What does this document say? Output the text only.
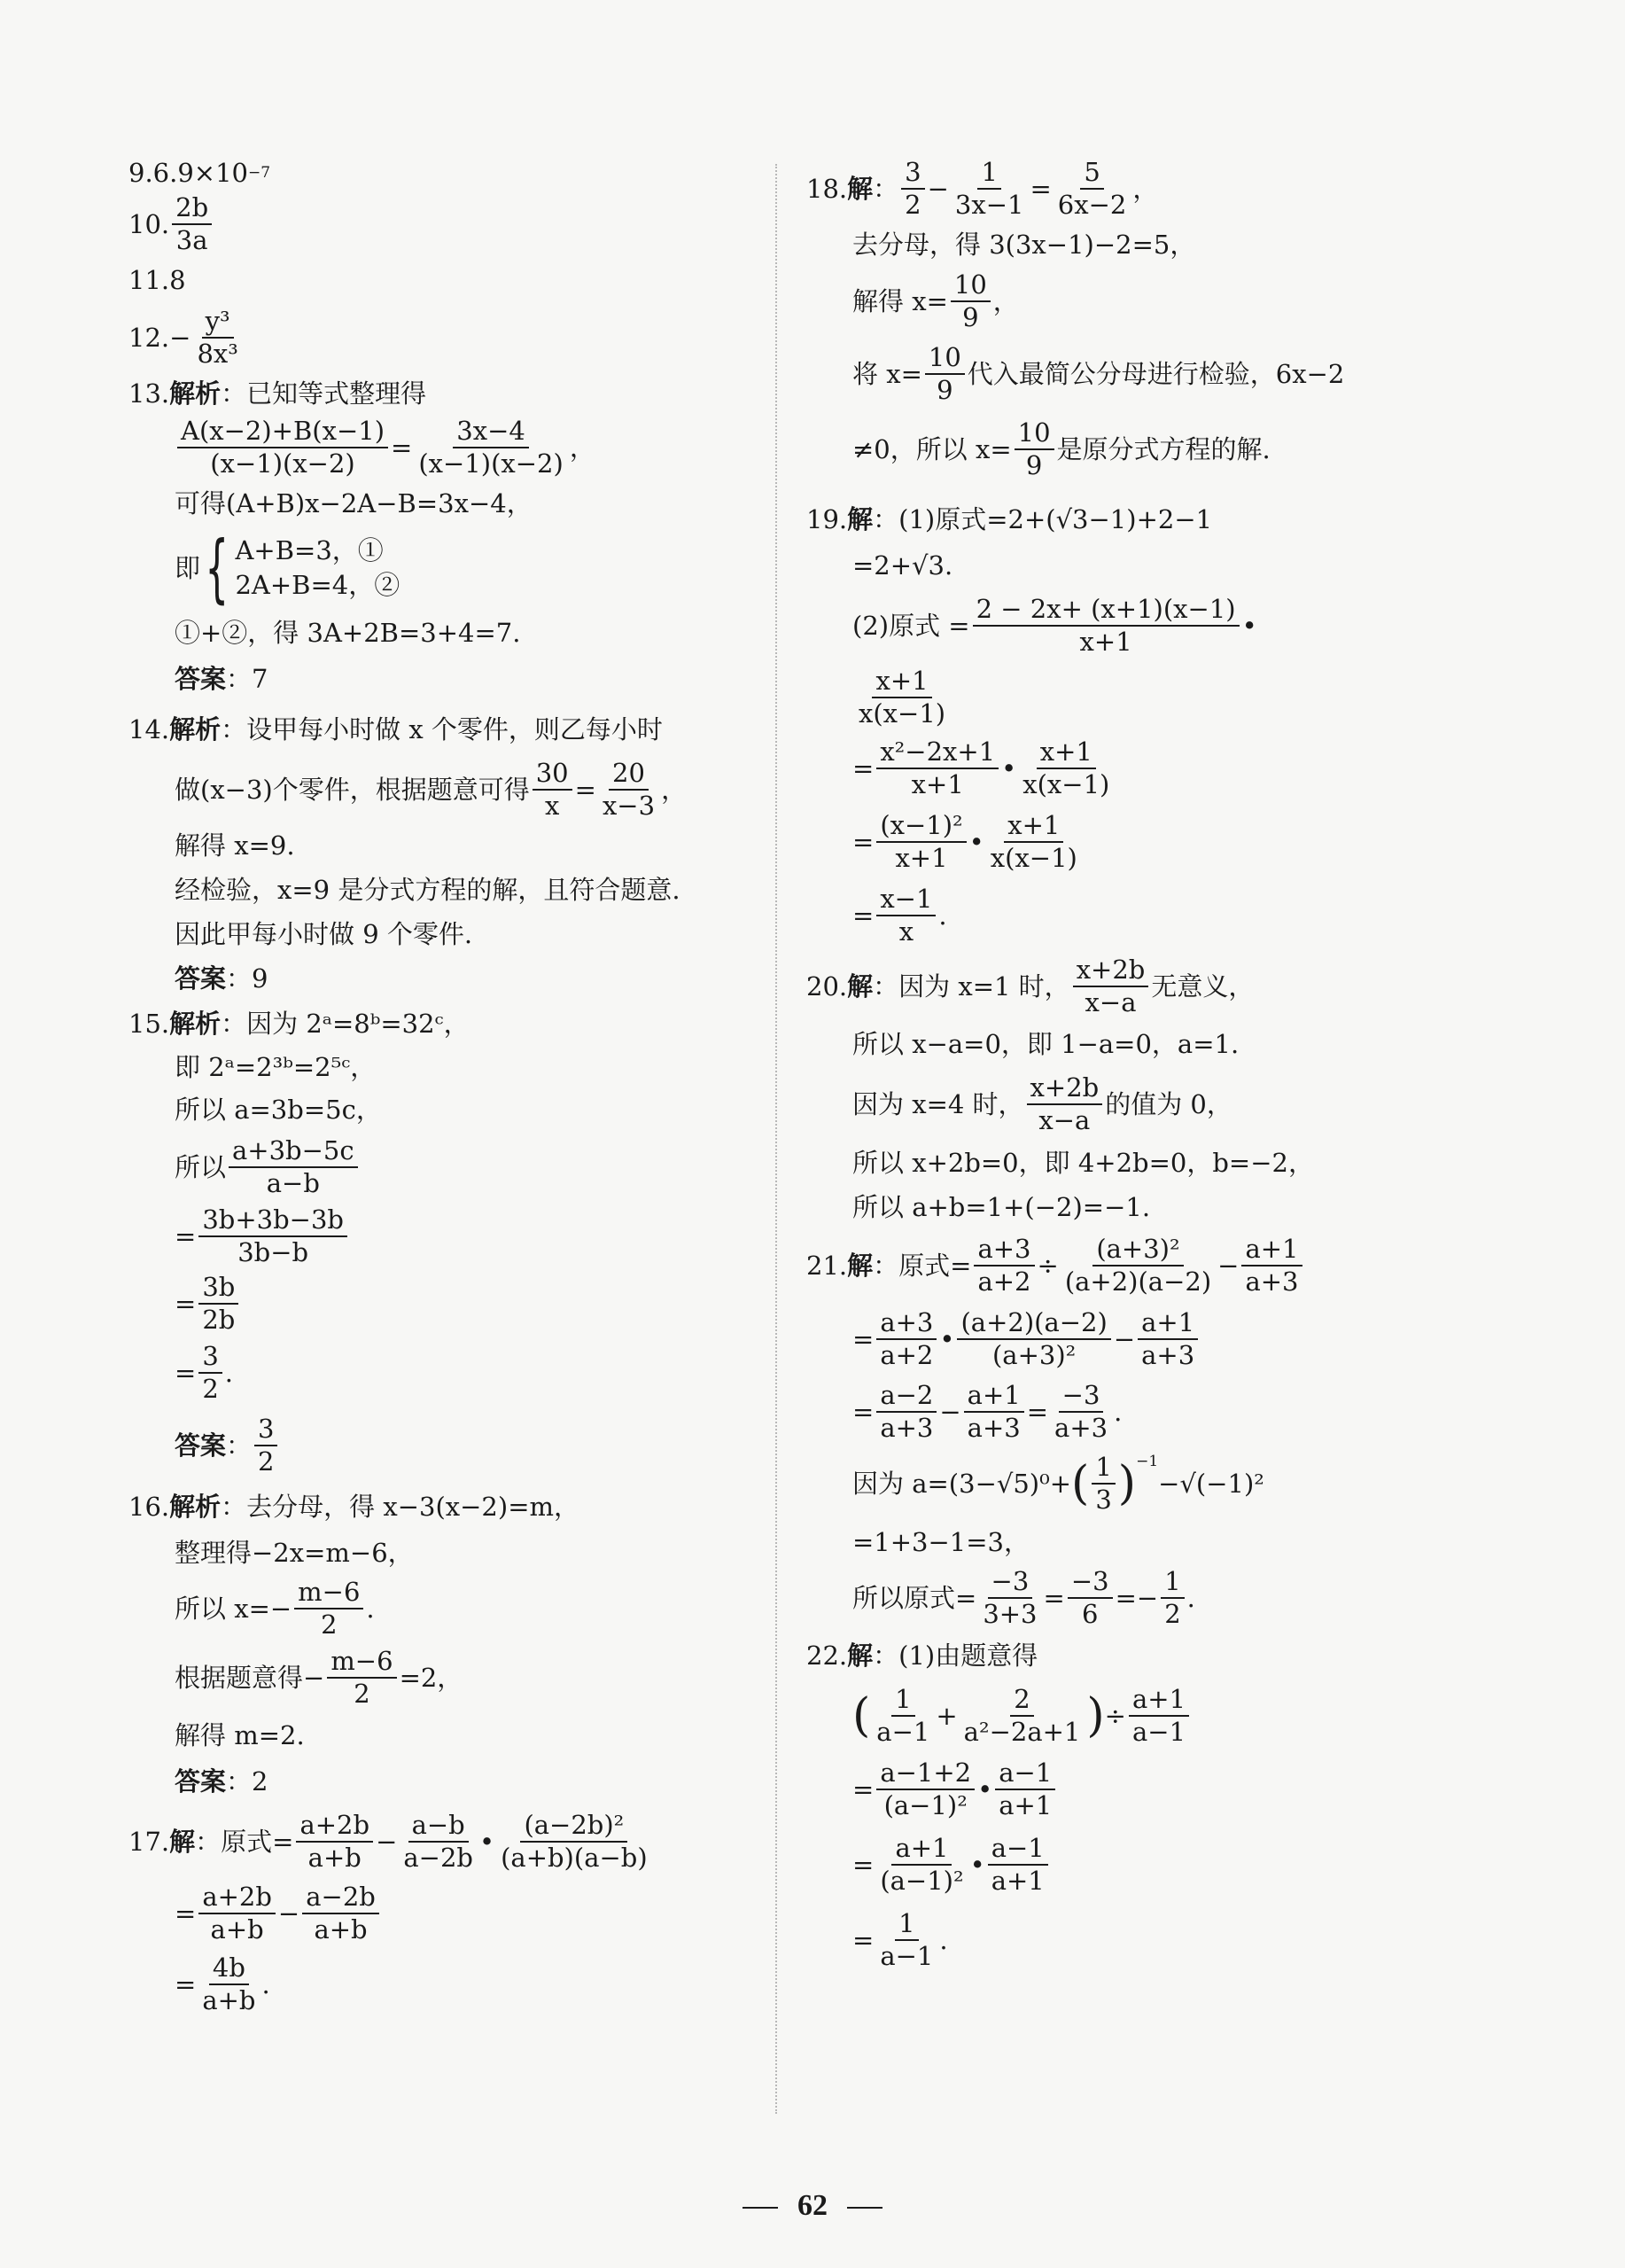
9. 6.9×10 −7
10. $\frac{2b}{3a}$
11. 8
12. − $\frac{\text{y³}}{\text{8x³}}$
13. 解析 ：已知等式整理得
$\frac{A(x-2)+B(x-1)}{(x-1)(x-2)} = \frac{3x-4}{(x-1)(x-2)}$ ，
可得(A+B)x−2A−B=3x−4，
即 { A+B=3，①
2A+B=4，②
①+②，得 3A+2B=3+4=7.
答案 ：7
14. 解析 ：设甲每小时做 x 个零件，则乙每小时
做(x−3)个零件，根据题意可得 $\frac{30}{x} = \frac{20}{x-3}$ ，
解得 x=9.
经检验，x=9 是分式方程的解，且符合题意.
因此甲每小时做 9 个零件.
答案 ：9
15. 解析 ：因为 2ᵃ=8ᵇ=32ᶜ，
即 2ᵃ=2³ᵇ=2⁵ᶜ，
所以 a=3b=5c，
所以 $\frac{a+3b-5c}{a-b}$
= $\frac{3b+3b-3b}{3b-b}$
= $\frac{3b}{2b}$
= $\frac{3}{2}$ .
答案 ： $\frac{3}{2}$
16. 解析 ：去分母，得 x−3(x−2)=m，
整理得−2x=m−6，
所以 $x=- \frac{m-6}{2}$ .
根据题意得− $\frac{m-6}{2} =2$，
解得 m=2.
答案 ：2
17. 解 ：原式= $\frac{a+2b}{a+b} - \frac{a-b}{a-2b}$ • $\frac{\text{(a−2b)²}}{(a+b)(a-b)}$
= $\frac{a+2b}{a+b} - \frac{a-2b}{a+b}$
= $\frac{4b}{a+b}$ .
18. 解 ： $\frac{3}{2} - \frac{1}{3x-1} = \frac{5}{6x-2}$ ，
去分母，得 3(3x−1)−2=5，
解得 $x= \frac{10}{9}$ ，
将 $x= \frac{10}{9}$ 代入最简公分母进行检验，6x−2
≠0，所以 $x= \frac{10}{9}$ 是原分式方程的解.
19. 解 ：(1)原式=2+(√3−1)+2−1
=2+√3.
(2)原式 = $\frac{2 - 2x+ (x+1)(x-1)}{x+1}$ •
$\frac{x+1}{x(x-1)}$
= $\frac{\text{x²−2x+1}}{x+1}$ • $\frac{x+1}{x(x-1)}$
= $\frac{\text{(x−1)²}}{x+1}$ • $\frac{x+1}{x(x-1)}$
= $\frac{x-1}{x}$ .
20. 解 ：因为 x=1 时， $\frac{x+2b}{x-a}$ 无意义，
所以 x−a=0，即 1−a=0，a=1.
因为 x=4 时， $\frac{x+2b}{x-a}$ 的值为 0，
所以 x+2b=0，即 4+2b=0，b=−2，
所以 a+b=1+(−2)=−1.
21. 解 ：原式= $\frac{a+3}{a+2} \div \frac{\text{(a+3)²}}{(a+2)(a-2)} - \frac{a+1}{a+3}$
= $\frac{a+3}{a+2}$ • $\frac{(a+2)(a-2)}{\text{(a+3)²}} - \frac{a+1}{a+3}$
= $\frac{a-2}{a+3} - \frac{a+1}{a+3} = \frac{-3}{a+3}$ .
因为 a=(3−√5)⁰+ ( $\frac{1}{3} )^{-1}$
−√(−1)²
=1+3−1=3，
所以原式= $\frac{-3}{3+3} = \frac{-3}{6} =- \frac{1}{2}$ .
22. 解 ：(1)由题意得
( $\frac{1}{a-1} + \frac{2}{\text{a²−2a+1}}$ ) ÷ $\frac{a+1}{a-1}$
= $\frac{a-1+2}{\text{(a−1)²}}$ • $\frac{a-1}{a+1}$
= $\frac{a+1}{\text{(a−1)²}}$ • $\frac{a-1}{a+1}$
= $\frac{1}{a-1}$ .
62
